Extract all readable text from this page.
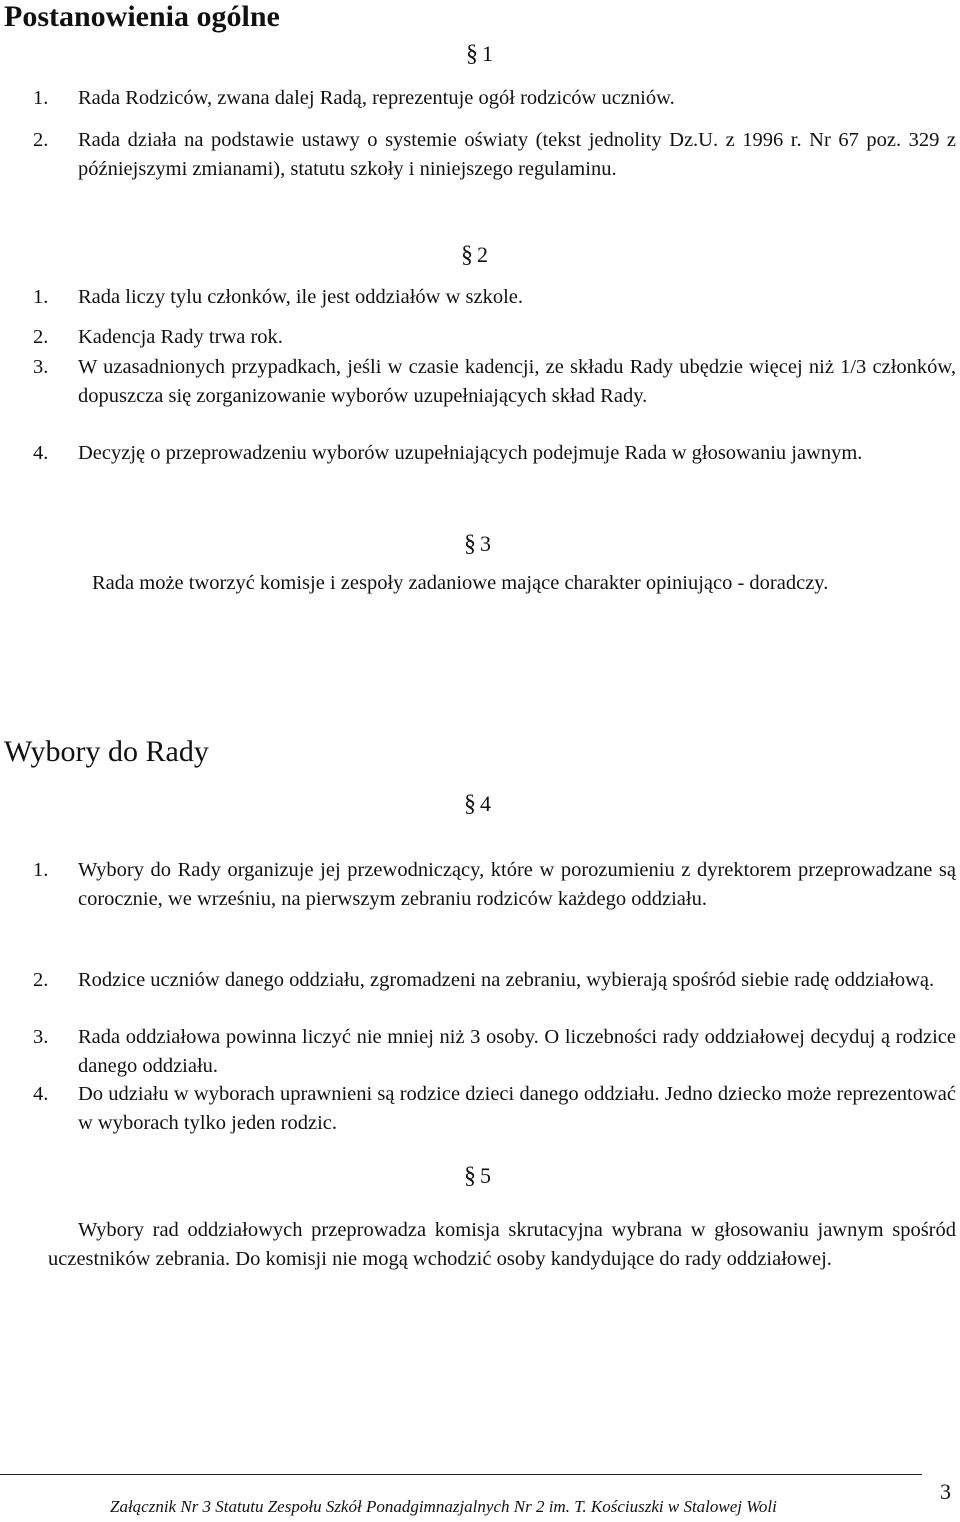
Postanowienia ogólne
§ 1
1.	Rada Rodziców, zwana dalej Radą, reprezentuje ogół rodziców uczniów.
2.	Rada działa na podstawie ustawy o systemie oświaty (tekst jednolity Dz.U. z 1996 r. Nr 67 poz. 329 z późniejszymi zmianami), statutu szkoły i niniejszego regulaminu.
§ 2
1.	Rada liczy tylu członków, ile jest oddziałów w szkole.
2.	Kadencja Rady trwa rok.
3.	W uzasadnionych przypadkach, jeśli w czasie kadencji, ze składu Rady ubędzie więcej niż 1/3 członków, dopuszcza się zorganizowanie wyborów uzupełniających skład Rady.
4.	Decyzję o przeprowadzeniu wyborów uzupełniających podejmuje Rada w głosowaniu jawnym.
§ 3
Rada może tworzyć komisje i zespoły zadaniowe mające charakter opiniująco - doradczy.
Wybory do Rady
§ 4
1.	Wybory do Rady organizuje jej przewodniczący, które w porozumieniu z dyrektorem przeprowadzane są corocznie, we wrześniu, na pierwszym zebraniu rodziców każdego oddziału.
2.	Rodzice uczniów danego oddziału, zgromadzeni na zebraniu, wybierają spośród siebie radę oddziałową.
3.	Rada oddziałowa powinna liczyć nie mniej niż 3 osoby. O liczebności rady oddziałowej decyduj ą rodzice danego oddziału.
4.	Do udziału w wyborach uprawnieni są rodzice dzieci danego oddziału. Jedno dziecko może reprezentować w wyborach tylko jeden rodzic.
§ 5
Wybory rad oddziałowych przeprowadza komisja skrutacyjna wybrana w głosowaniu jawnym spośród uczestników zebrania. Do komisji nie mogą wchodzić osoby kandydujące do rady oddziałowej.
Załącznik Nr 3 Statutu Zespołu Szkół Ponadgimnazjalnych Nr 2 im. T. Kościuszki w Stalowej Woli
3
